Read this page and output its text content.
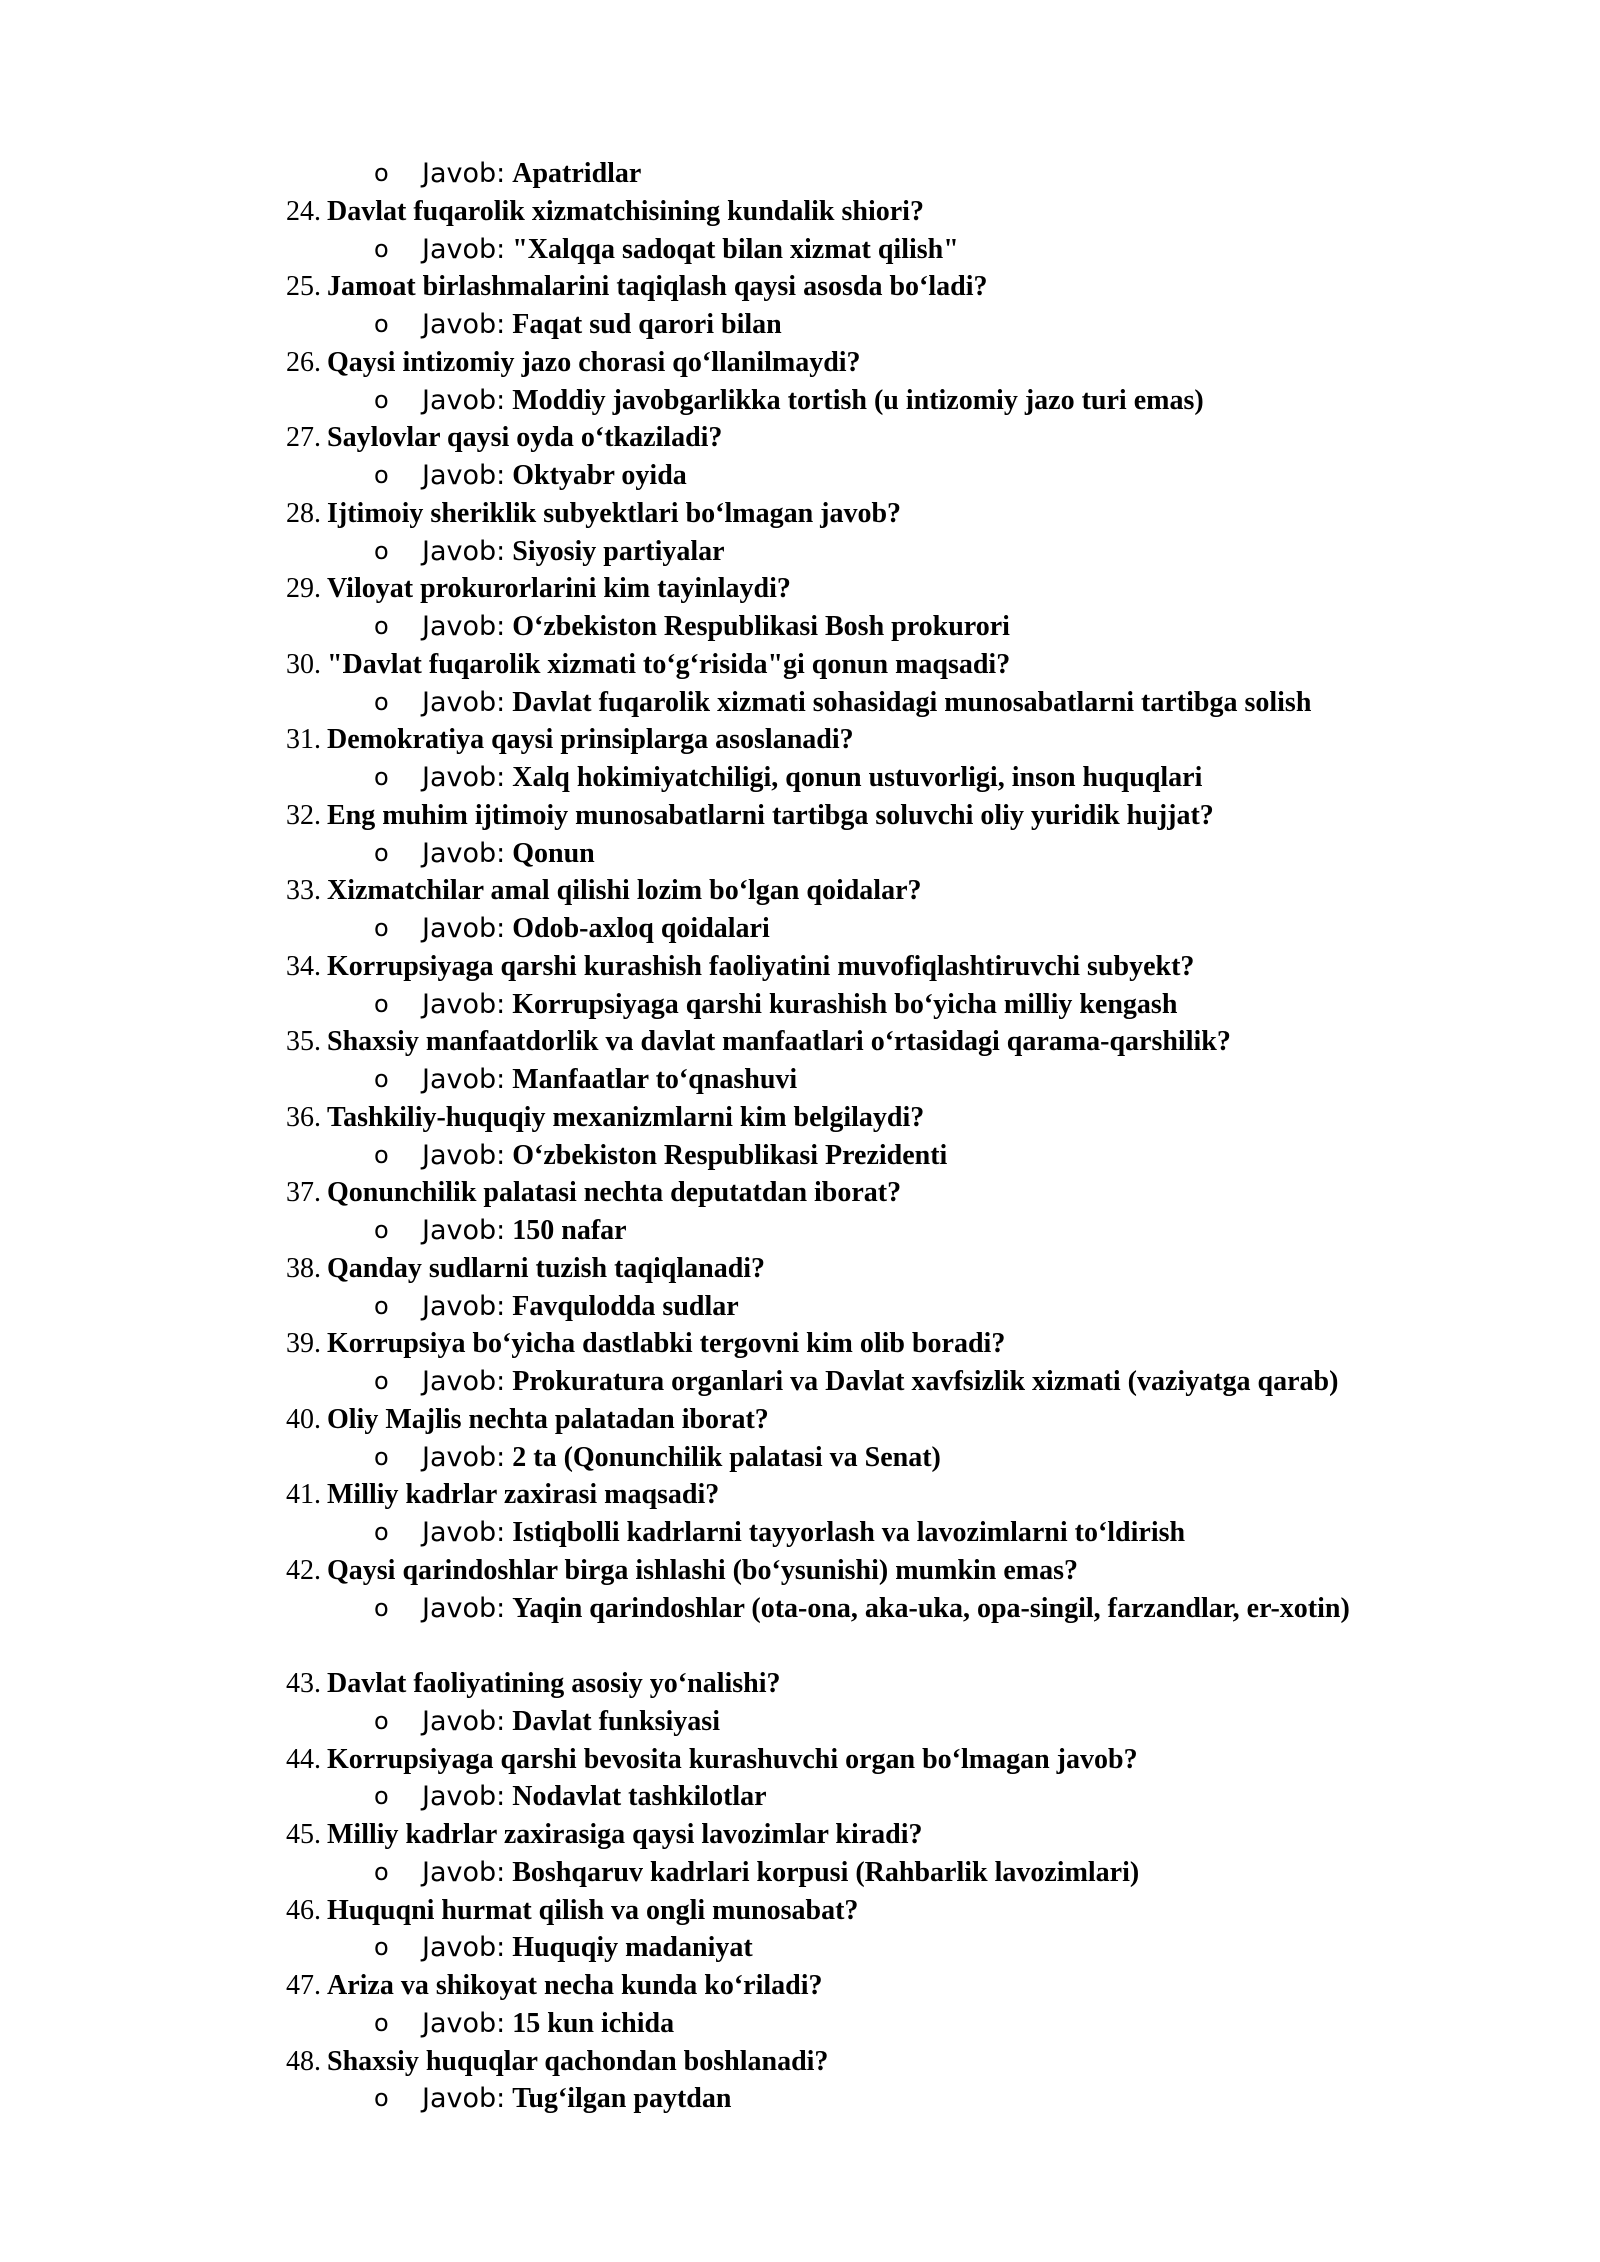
o Javob: Apatridlar
24. Davlat fuqarolik xizmatchisining kundalik shiori?
o Javob: "Xalqqa sadoqat bilan xizmat qilish"
25. Jamoat birlashmalarini taqiqlash qaysi asosda bo‘ladi?
o Javob: Faqat sud qarori bilan
26. Qaysi intizomiy jazo chorasi qo‘llanilmaydi?
o Javob: Moddiy javobgarlikka tortish (u intizomiy jazo turi emas)
27. Saylovlar qaysi oyda o‘tkaziladi?
o Javob: Oktyabr oyida
28. Ijtimoiy sheriklik subyektlari bo‘lmagan javob?
o Javob: Siyosiy partiyalar
29. Viloyat prokurorlarini kim tayinlaydi?
o Javob: O‘zbekiston Respublikasi Bosh prokurori
30. "Davlat fuqarolik xizmati to‘g‘risida"gi qonun maqsadi?
o Javob: Davlat fuqarolik xizmati sohasidagi munosabatlarni tartibga solish
31. Demokratiya qaysi prinsiplarga asoslanadi?
o Javob: Xalq hokimiyatchiligi, qonun ustuvorligi, inson huquqlari
32. Eng muhim ijtimoiy munosabatlarni tartibga soluvchi oliy yuridik hujjat?
o Javob: Qonun
33. Xizmatchilar amal qilishi lozim bo‘lgan qoidalar?
o Javob: Odob-axloq qoidalari
34. Korrupsiyaga qarshi kurashish faoliyatini muvofiqlashtiruvchi subyekt?
o Javob: Korrupsiyaga qarshi kurashish bo‘yicha milliy kengash
35. Shaxsiy manfaatdorlik va davlat manfaatlari o‘rtasidagi qarama-qarshilik?
o Javob: Manfaatlar to‘qnashuvi
36. Tashkiliy-huquqiy mexanizmlarni kim belgilaydi?
o Javob: O‘zbekiston Respublikasi Prezidenti
37. Qonunchilik palatasi nechta deputatdan iborat?
o Javob: 150 nafar
38. Qanday sudlarni tuzish taqiqlanadi?
o Javob: Favqulodda sudlar
39. Korrupsiya bo‘yicha dastlabki tergovni kim olib boradi?
o Javob: Prokuratura organlari va Davlat xavfsizlik xizmati (vaziyatga qarab)
40. Oliy Majlis nechta palatadan iborat?
o Javob: 2 ta (Qonunchilik palatasi va Senat)
41. Milliy kadrlar zaxirasi maqsadi?
o Javob: Istiqbolli kadrlarni tayyorlash va lavozimlarni to‘ldirish
42. Qaysi qarindoshlar birga ishlashi (bo‘ysunishi) mumkin emas?
o Javob: Yaqin qarindoshlar (ota-ona, aka-uka, opa-singil, farzandlar, er-xotin)
43. Davlat faoliyatining asosiy yo‘nalishi?
o Javob: Davlat funksiyasi
44. Korrupsiyaga qarshi bevosita kurashuvchi organ bo‘lmagan javob?
o Javob: Nodavlat tashkilotlar
45. Milliy kadrlar zaxirasiga qaysi lavozimlar kiradi?
o Javob: Boshqaruv kadrlari korpusi (Rahbarlik lavozimlari)
46. Huquqni hurmat qilish va ongli munosabat?
o Javob: Huquqiy madaniyat
47. Ariza va shikoyat necha kunda ko‘riladi?
o Javob: 15 kun ichida
48. Shaxsiy huquqlar qachondan boshlanadi?
o Javob: Tug‘ilgan paytdan
